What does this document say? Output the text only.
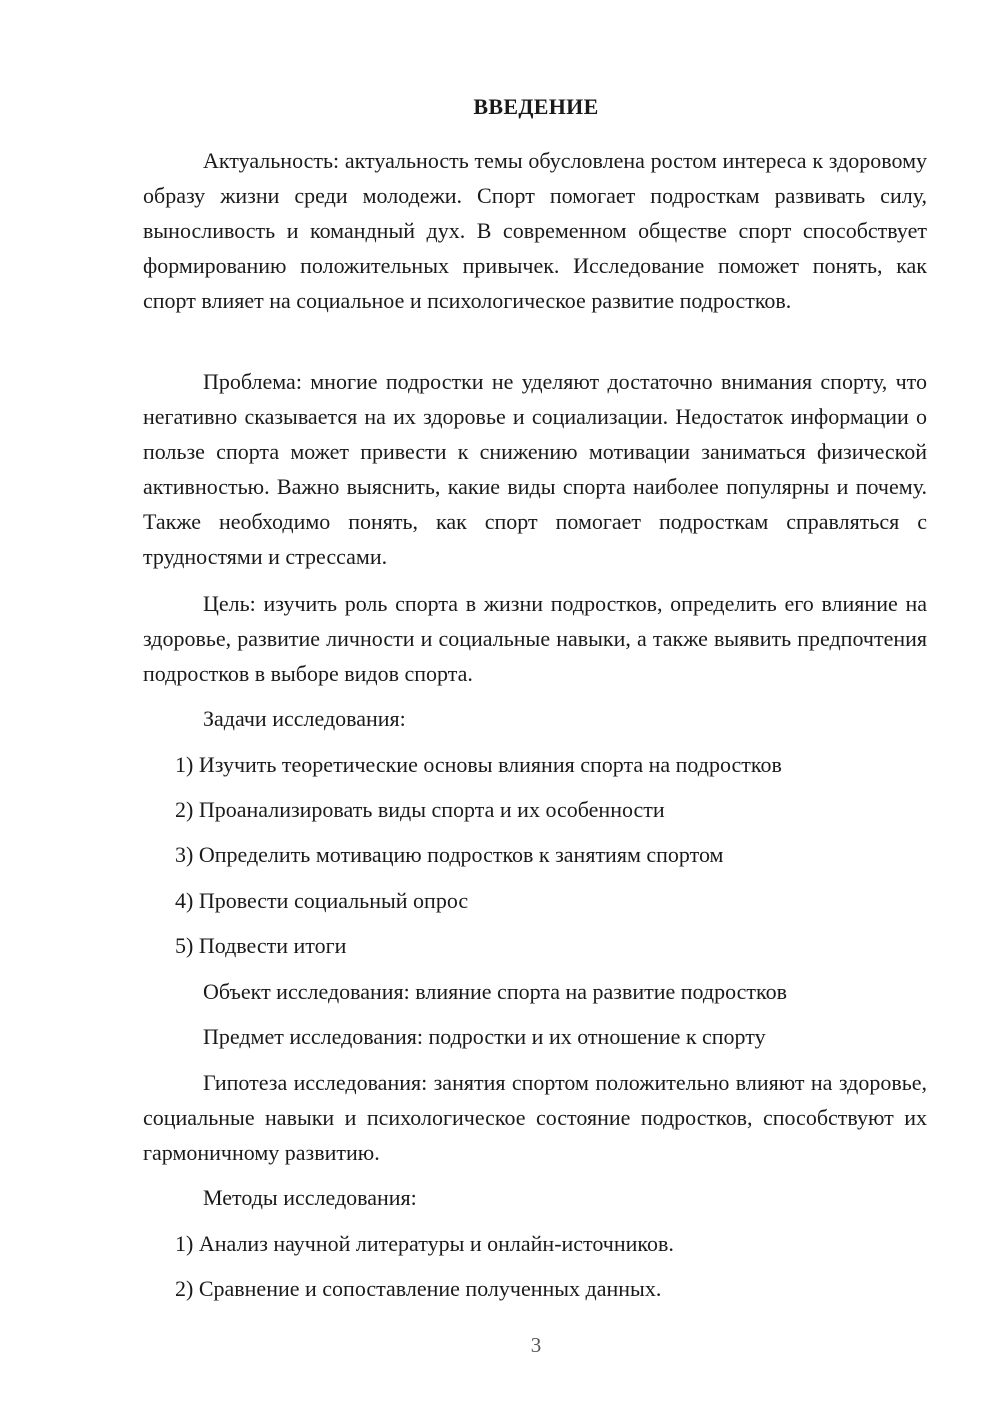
ВВЕДЕНИЕ
Актуальность: актуальность темы обусловлена ростом интереса к здоровому образу жизни среди молодежи. Спорт помогает подросткам развивать силу, выносливость и командный дух. В современном обществе спорт способствует формированию положительных привычек. Исследование поможет понять, как спорт влияет на социальное и психологическое развитие подростков.
Проблема: многие подростки не уделяют достаточно внимания спорту, что негативно сказывается на их здоровье и социализации. Недостаток информации о пользе спорта может привести к снижению мотивации заниматься физической активностью. Важно выяснить, какие виды спорта наиболее популярны и почему. Также необходимо понять, как спорт помогает подросткам справляться с трудностями и стрессами.
Цель: изучить роль спорта в жизни подростков, определить его влияние на здоровье, развитие личности и социальные навыки, а также выявить предпочтения подростков в выборе видов спорта.
Задачи исследования:
1) Изучить теоретические основы влияния спорта на подростков
2) Проанализировать виды спорта и их особенности
3) Определить мотивацию подростков к занятиям спортом
4) Провести социальный опрос
5) Подвести итоги
Объект исследования: влияние спорта на развитие подростков
Предмет исследования: подростки и их отношение к спорту
Гипотеза исследования: занятия спортом положительно влияют на здоровье, социальные навыки и психологическое состояние подростков, способствуют их гармоничному развитию.
Методы исследования:
1) Анализ научной литературы и онлайн-источников.
2) Сравнение и сопоставление полученных данных.
3
